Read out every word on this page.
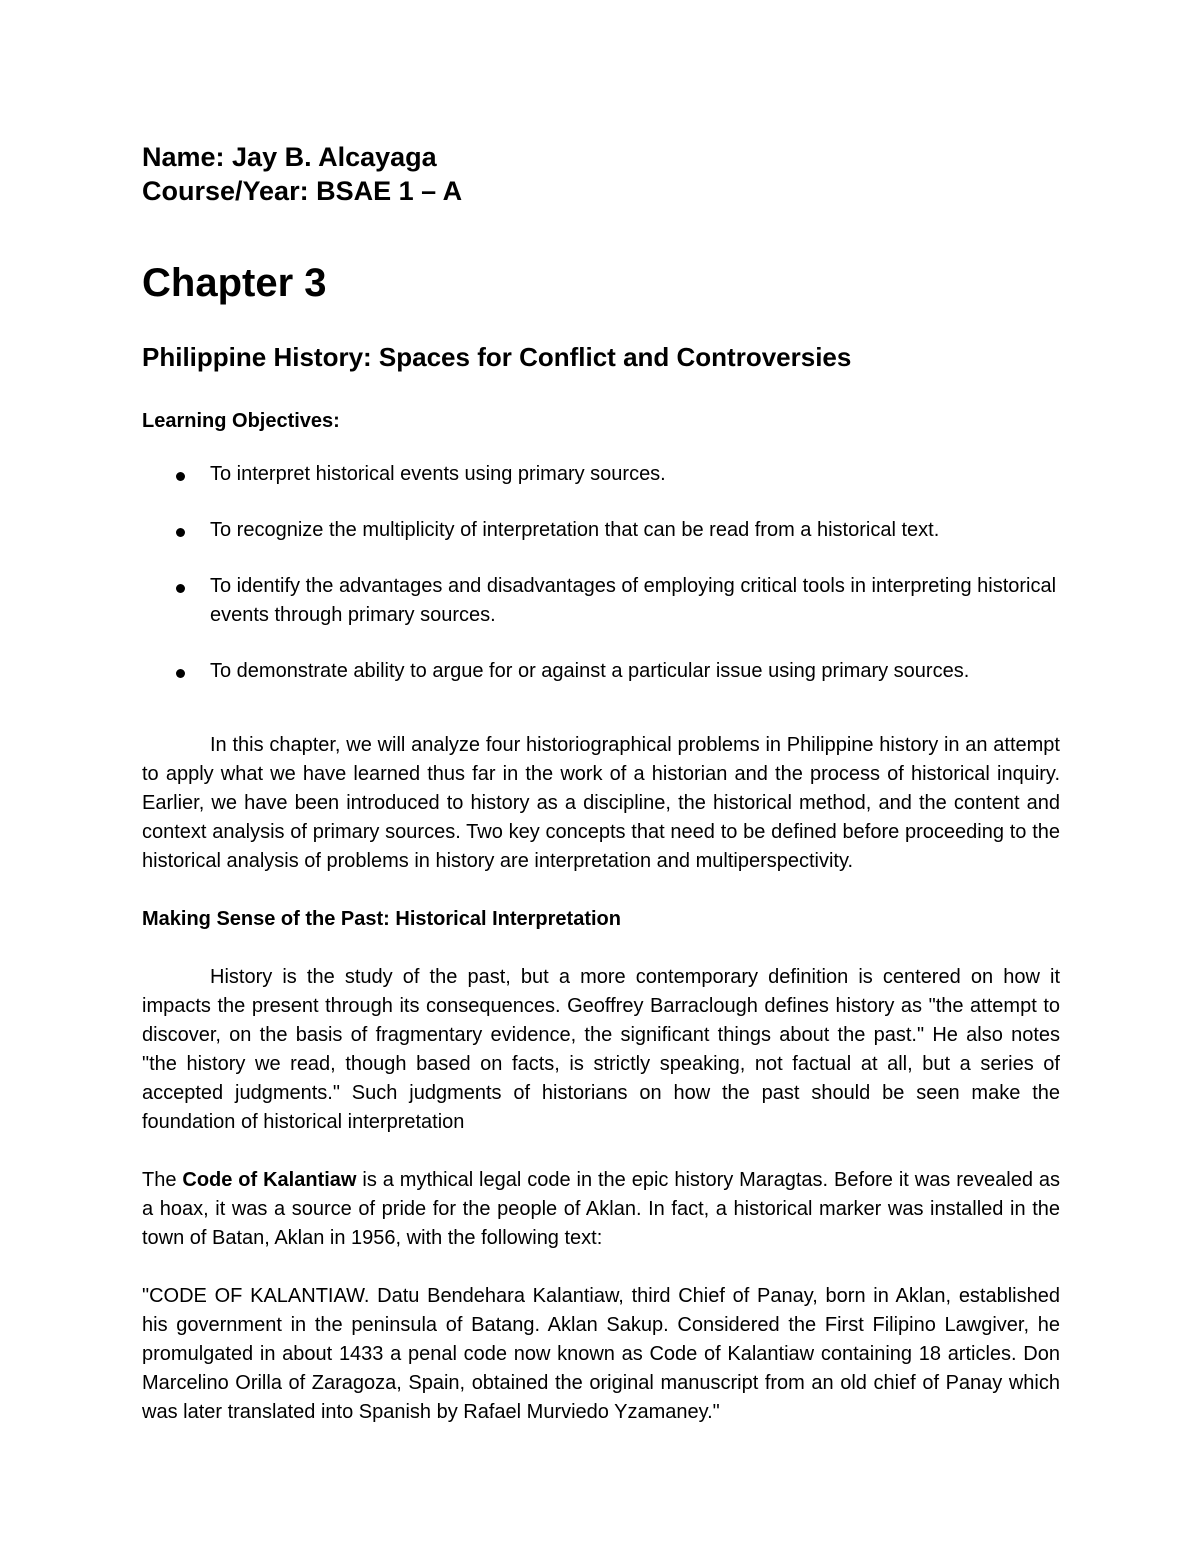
Name: Jay B. Alcayaga

Course/Year: BSAE 1 – A

Chapter 3
Philippine History: Spaces for Conflict and Controversies
Learning Objectives:
To interpret historical events using primary sources.
To recognize the multiplicity of interpretation that can be read from a historical text.
To identify the advantages and disadvantages of employing critical tools in interpreting historical events through primary sources.
To demonstrate ability to argue for or against a particular issue using primary sources.

In this chapter, we will analyze four historiographical problems in Philippine history in an attempt to apply what we have learned thus far in the work of a historian and the process of historical inquiry. Earlier, we have been introduced to history as a discipline, the historical method, and the content and context analysis of primary sources. Two key concepts that need to be defined before proceeding to the historical analysis of problems in history are interpretation and multiperspectivity.

Making Sense of the Past: Historical Interpretation

History is the study of the past, but a more contemporary definition is centered on how it impacts the present through its consequences. Geoffrey Barraclough defines history as "the attempt to discover, on the basis of fragmentary evidence, the significant things about the past." He also notes "the history we read, though based on facts, is strictly speaking, not factual at all, but a series of accepted judgments." Such judgments of historians on how the past should be seen make the foundation of historical interpretation

The Code of Kalantiaw is a mythical legal code in the epic history Maragtas. Before it was revealed as a hoax, it was a source of pride for the people of Aklan. In fact, a historical marker was installed in the town of Batan, Aklan in 1956, with the following text:

"CODE OF KALANTIAW. Datu Bendehara Kalantiaw, third Chief of Panay, born in Aklan, established his government in the peninsula of Batang. Aklan Sakup. Considered the First Filipino Lawgiver, he promulgated in about 1433 a penal code now known as Code of Kalantiaw containing 18 articles. Don Marcelino Orilla of Zaragoza, Spain, obtained the original manuscript from an old chief of Panay which was later translated into Spanish by Rafael Murviedo Yzamaney."
